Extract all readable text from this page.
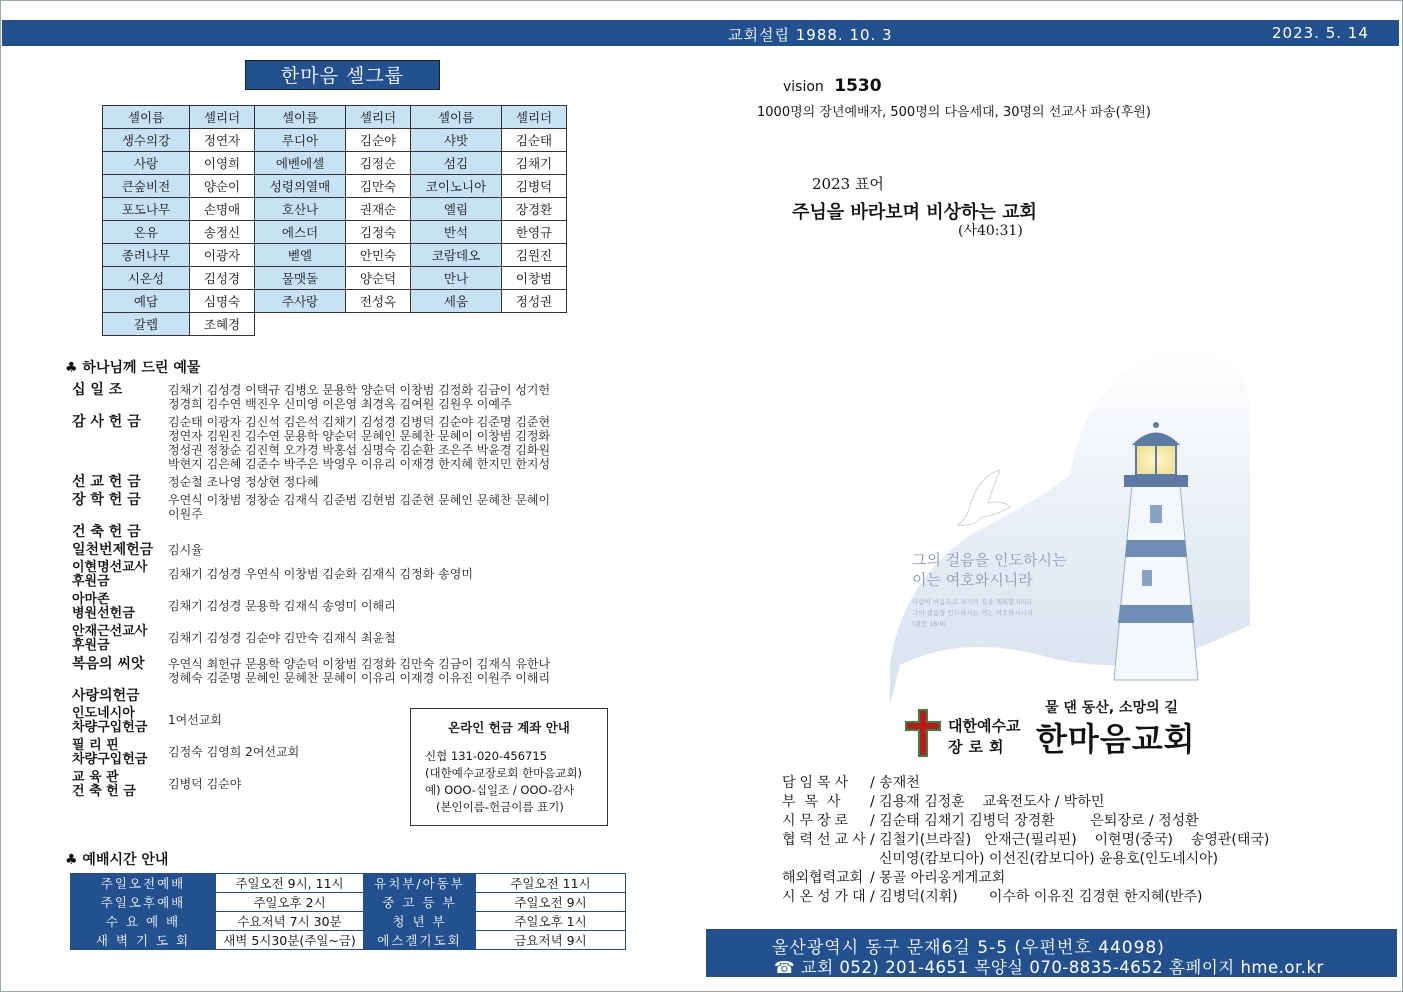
교회설립 1988. 10. 3	2023. 5. 14
한마음 셀그룹
셀이름	셀리더	셀이름	셀리더	셀이름	셀리더
생수의강	정연자	루디아	김순야	샤밧	김순태
사랑	이영희	에벤에셀	김정순	섬김	김채기
큰숲비전	양순이	성령의열매	김만숙	코이노니아	김병덕
포도나무	손명애	호산나	권재순	엘림	장경환
온유	송정신	에스더	김정숙	반석	한영규
종려나무	이광자	벧엘	안민숙	코람데오	김원진
시온성	김성경	물맷돌	양순덕	만나	이창범
예담	심명숙	주사랑	전성옥	세움	정성권
갈렙	조혜경				
♣ 하나님께 드린 예물
십 일 조	김채기 김성경 이택규 김병오 문용학 양순덕 이창범 김정화 김금이 성기헌
정경희 김수연 백진우 신미영 이은영 최경옥 김여원 김원우 이예주
감 사 헌 금	김순태 이광자 김신석 김은석 김채기 김성경 김병덕 김순야 김준명 김준현
정연자 김원진 김수연 문용학 양순덕 문혜인 문혜찬 문혜이 이창범 김정화
정성권 정창순 김진혁 오가경 박홍섭 심명숙 김순환 조은주 박윤경 김화원
박현지 김은혜 김준수 박주은 박영우 이유리 이재경 한지혜 한지민 한지성
선 교 헌 금	정순철 조나영 정상현 정다혜
장 학 헌 금	우연식 이창범 정창순 김재식 김준범 김현범 김준현 문혜인 문혜찬 문혜이
이원주
건 축 헌 금
일천번제헌금	김시율
이현명선교사
후원금	김채기 김성경 우연식 이창범 김순화 김재식 김정화 송영미
아마존
병원선헌금	김채기 김성경 문용학 김재식 송영미 이해리
안재근선교사
후원금	김채기 김성경 김순야 김만숙 김재식 최윤철
복음의 씨앗	우연식 최헌규 문용학 양순덕 이창범 김정화 김만숙 김금이 김재식 유한나
정혜숙 김준명 문혜인 문혜찬 문혜이 이유리 이재경 이유진 이원주 이해리
사랑의헌금
인도네시아
차량구입헌금	1여선교회
필 리 핀
차량구입헌금	김정숙 김영희 2여선교회
교 육 관
건 축 헌 금	김병덕 김순야
온라인 헌금 계좌 안내
신협 131-020-456715
(대한예수교장로회 한마음교회)
예) OOO-십일조 / OOO-감사
(본인이름-헌금이름 표기)
♣ 예배시간 안내
주일오전예배	주일오전 9시, 11시	유치부/아동부	주일오전 11시
주일오후예배	주일오후 2시	중 고 등 부	주일오전 9시
수 요 예 배	수요저녁 7시 30분	청 년 부	주일오후 1시
새 벽 기 도 회	새벽 5시30분(주일~금)	에스겔기도회	금요저녁 9시
vision 1530
1000명의 장년예배자, 500명의 다음세대, 30명의 선교사 파송(후원)
2023 표어
주님을 바라보며 비상하는 교회
(사40:31)
그의 걸음을 인도하시는
이는 여호와시니라
사람이 마음으로 자기의 길을 계획할지라도
그의 걸음을 인도하시는 이는 여호와시니라
(잠언 16:9)
물 댄 동산, 소망의 길
대한예수교
장로회 한마음교회
담임목사	/ 송재천
부  목  사	/ 김용재 김정훈    교육전도사 / 박하민
시무장로	/ 김순태 김채기 김병덕 장경환        은퇴장로 / 정성환
협력선교사 / 김철기(브라질)   안재근(필리핀)    이현명(중국)    송영관(태국)
신미영(캄보디아) 이선진(캄보디아) 윤용호(인도네시아)
해외협력교회 / 몽골 아리옹게게교회
시온성가대 / 김병덕(지휘)       이수하 이유진 김경현 한지혜(반주)
울산광역시 동구 문재6길 5-5 (우편번호 44098)
☎ 교회 052) 201-4651 목양실 070-8835-4652 홈페이지 hme.or.kr
